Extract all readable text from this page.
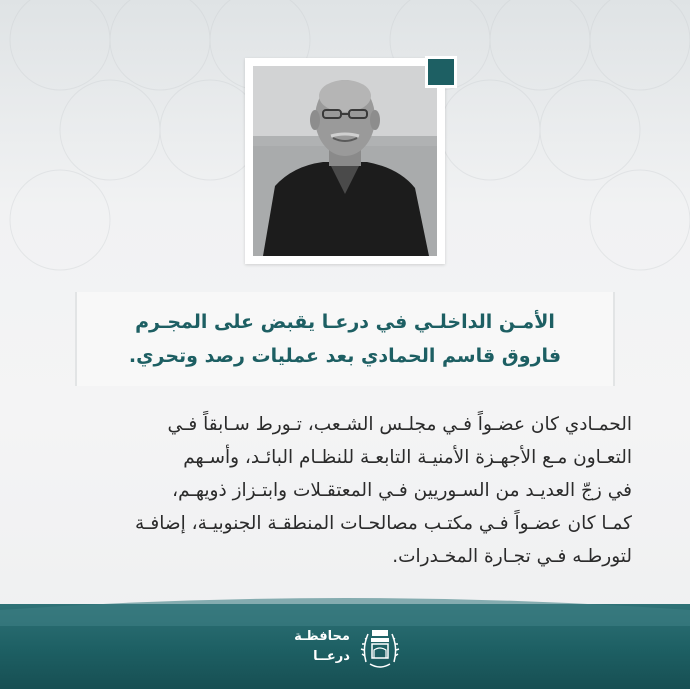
الأمـن الداخلـي في درعـا يقبض على المجـرم
فاروق قاسم الحمادي بعد عمليات رصد وتحري.
الحمـادي كان عضـواً فـي مجلـس الشـعب، تـورط سـابقاً فـي
التعـاون مـع الأجهـزة الأمنيـة التابعـة للنظـام البائـد، وأسـهم
في زجّ العديـد من السـوريين فـي المعتقـلات وابتـزاز ذويهـم،
كمـا كان عضـواً فـي مكتـب مصالحـات المنطقـة الجنوبيـة، إضافـة
لتورطـه فـي تجـارة المخـدرات.
محافظـة
درعــا
